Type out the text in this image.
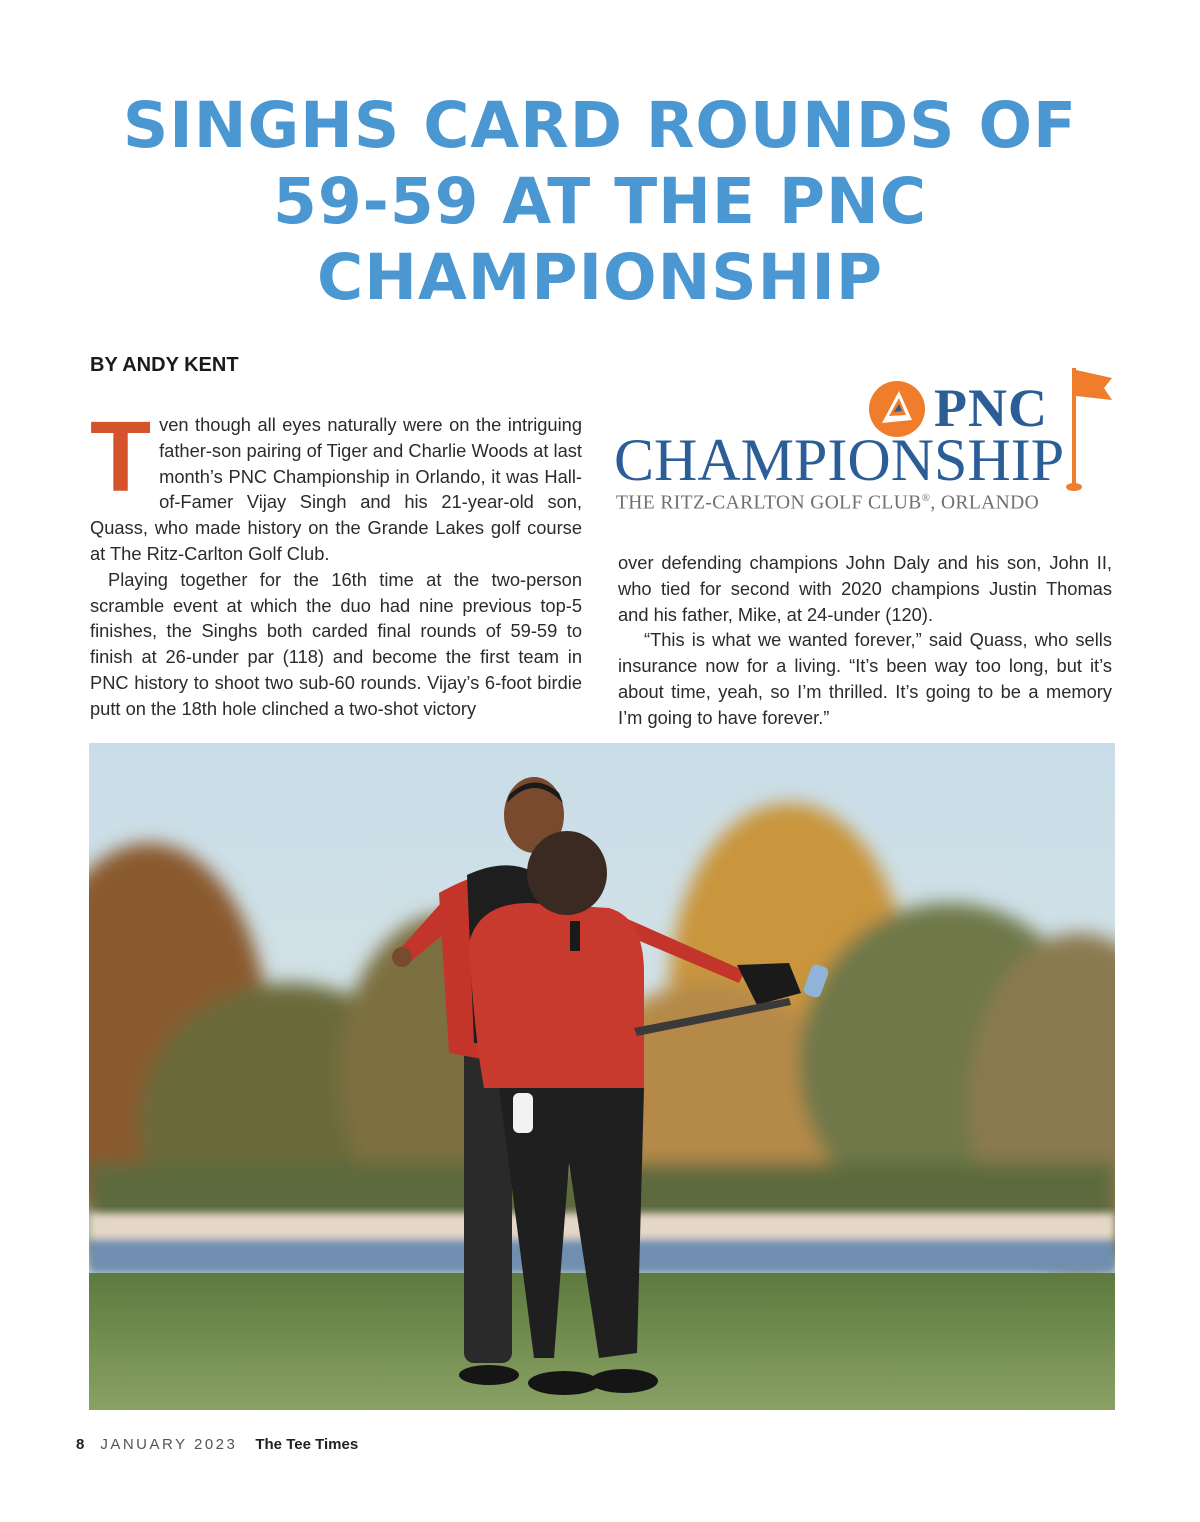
SINGHS CARD ROUNDS OF 59-59 AT THE PNC CHAMPIONSHIP
BY ANDY KENT

Tven though all eyes naturally were on the intriguing father-son pairing of Tiger and Charlie Woods at last month’s PNC Championship in Orlando, it was Hall-of-Famer Vijay Singh and his 21-year-old son, Quass, who made history on the Grande Lakes golf course at The Ritz-Carlton Golf Club.

Playing together for the 16th time at the two-person scramble event at which the duo had nine previous top-5 finishes, the Singhs both carded final rounds of 59-59 to finish at 26-under par (118) and become the first team in PNC history to shoot two sub-60 rounds. Vijay’s 6-foot birdie putt on the 18th hole clinched a two-shot victory

PNC
CHAMPIONSHIP
THE RITZ-CARLTON GOLF CLUB®, ORLANDO

over defending champions John Daly and his son, John II, who tied for second with 2020 champions Justin Thomas and his father, Mike, at 24-under (120).

“This is what we wanted forever,” said Quass, who sells insurance now for a living. “It’s been way too long, but it’s about time, yeah, so I’m thrilled. It’s going to be a memory I’m going to have forever.”

8 JANUARY 2023 The Tee Times
